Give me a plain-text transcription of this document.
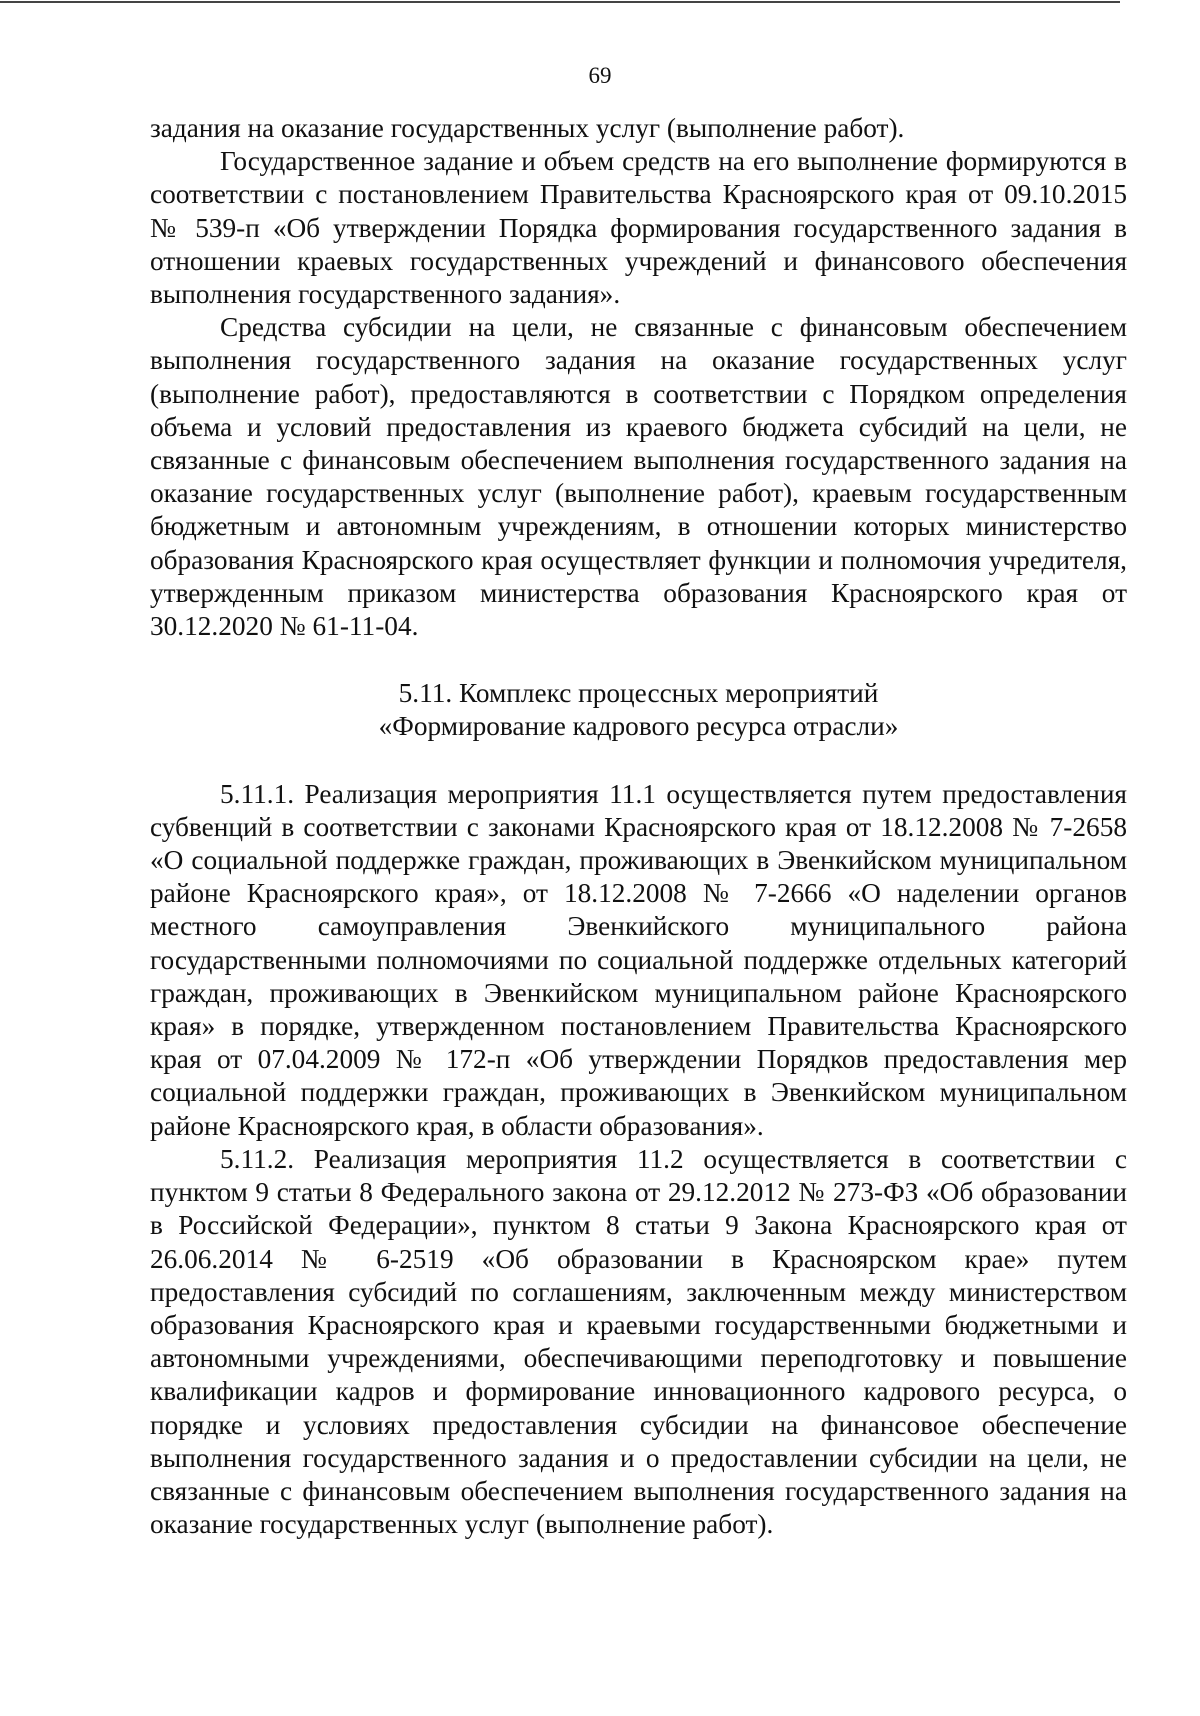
69

задания на оказание государственных услуг (выполнение работ).

Государственное задание и объем средств на его выполнение формируются в соответствии с постановлением Правительства Красноярского края от 09.10.2015 № 539-п «Об утверждении Порядка формирования государственного задания в отношении краевых государственных учреждений и финансового обеспечения выполнения государственного задания».

Средства субсидии на цели, не связанные с финансовым обеспечением выполнения государственного задания на оказание государственных услуг (выполнение работ), предоставляются в соответствии с Порядком определения объема и условий предоставления из краевого бюджета субсидий на цели, не связанные с финансовым обеспечением выполнения государственного задания на оказание государственных услуг (выполнение работ), краевым государственным бюджетным и автономным учреждениям, в отношении которых министерство образования Красноярского края осуществляет функции и полномочия учредителя, утвержденным приказом министерства образования Красноярского края от 30.12.2020 № 61-11-04.

5.11. Комплекс процессных мероприятий
«Формирование кадрового ресурса отрасли»

5.11.1. Реализация мероприятия 11.1 осуществляется путем предоставления субвенций в соответствии с законами Красноярского края от 18.12.2008 № 7-2658 «О социальной поддержке граждан, проживающих в Эвенкийском муниципальном районе Красноярского края», от 18.12.2008 № 7-2666 «О наделении органов местного самоуправления Эвенкийского муниципального района государственными полномочиями по социальной поддержке отдельных категорий граждан, проживающих в Эвенкийском муниципальном районе Красноярского края» в порядке, утвержденном постановлением Правительства Красноярского края от 07.04.2009 № 172-п «Об утверждении Порядков предоставления мер социальной поддержки граждан, проживающих в Эвенкийском муниципальном районе Красноярского края, в области образования».

5.11.2. Реализация мероприятия 11.2 осуществляется в соответствии с пунктом 9 статьи 8 Федерального закона от 29.12.2012 № 273-ФЗ «Об образовании в Российской Федерации», пунктом 8 статьи 9 Закона Красноярского края от 26.06.2014 № 6-2519 «Об образовании в Красноярском крае» путем предоставления субсидий по соглашениям, заключенным между министерством образования Красноярского края и краевыми государственными бюджетными и автономными учреждениями, обеспечивающими переподготовку и повышение квалификации кадров и формирование инновационного кадрового ресурса, о порядке и условиях предоставления субсидии на финансовое обеспечение выполнения государственного задания и о предоставлении субсидии на цели, не связанные с финансовым обеспечением выполнения государственного задания на оказание государственных услуг (выполнение работ).
